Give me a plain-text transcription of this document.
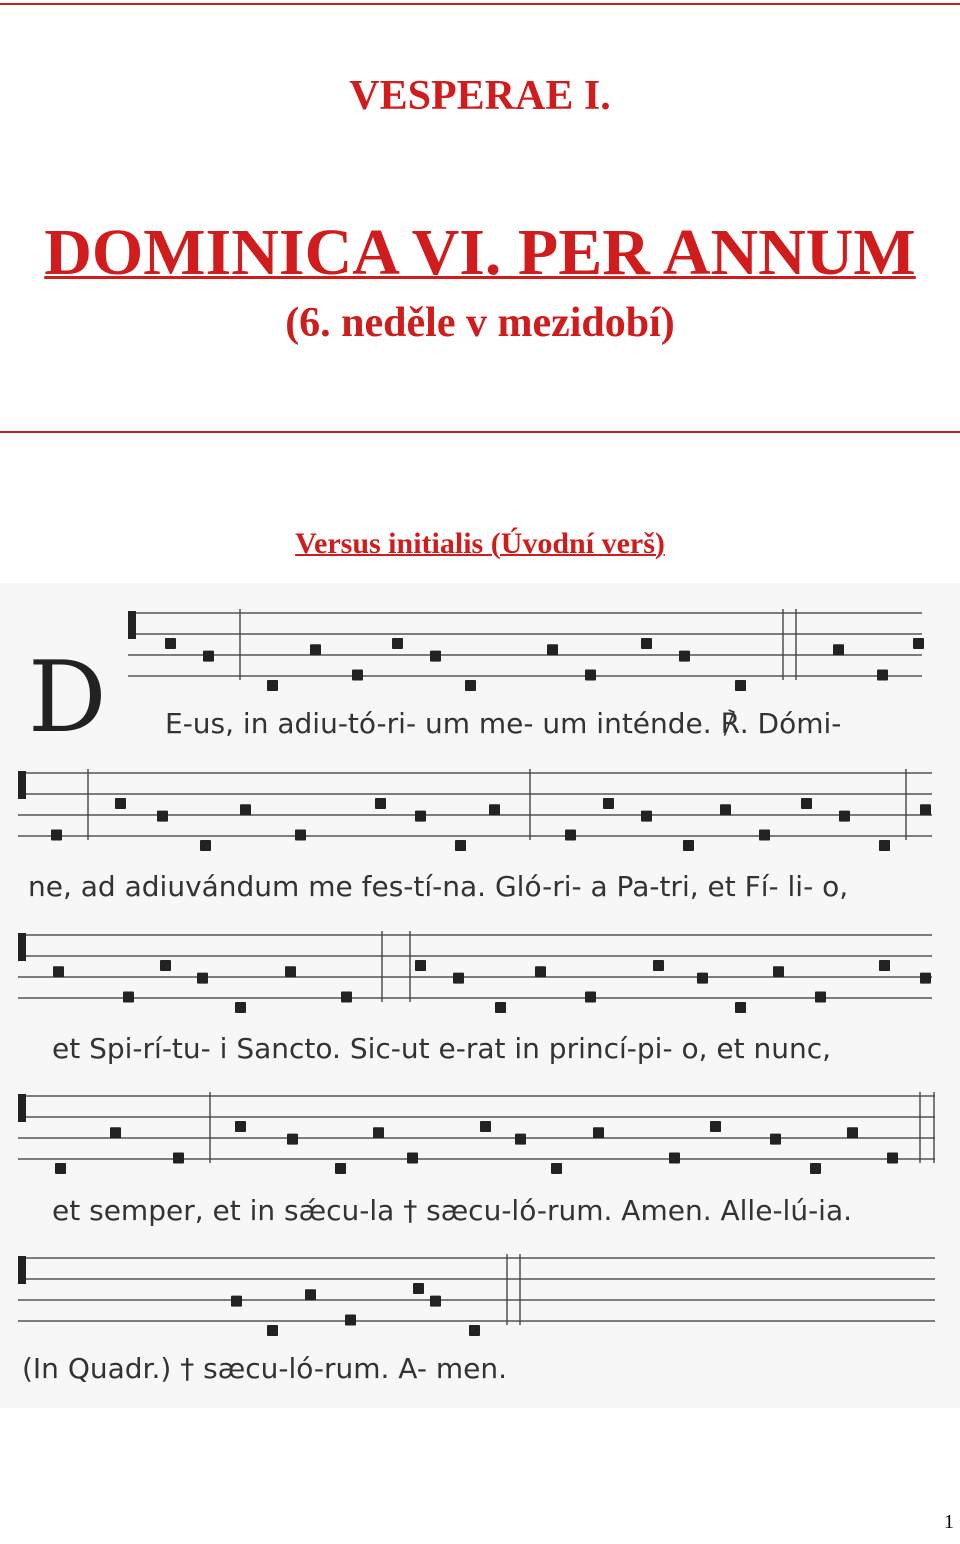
VESPERAE I.
DOMINICA VI. PER ANNUM
(6. neděle v mezidobí)
Versus initialis (Úvodní verš)
D E-us, in adiu-tó-ri- um me- um inténde. ℟. Dómi-
ne, ad adiuvándum me fes-tí-na. Gló-ri- a Pa-tri, et Fí- li- o,
et Spi-rí-tu- i Sancto. Sic-ut e-rat in princí-pi- o, et nunc,
et semper, et in sǽcu-la † sæcu-ló-rum. Amen. Alle-lú-ia.
(In Quadr.) † sæcu-ló-rum. A- men.
1
